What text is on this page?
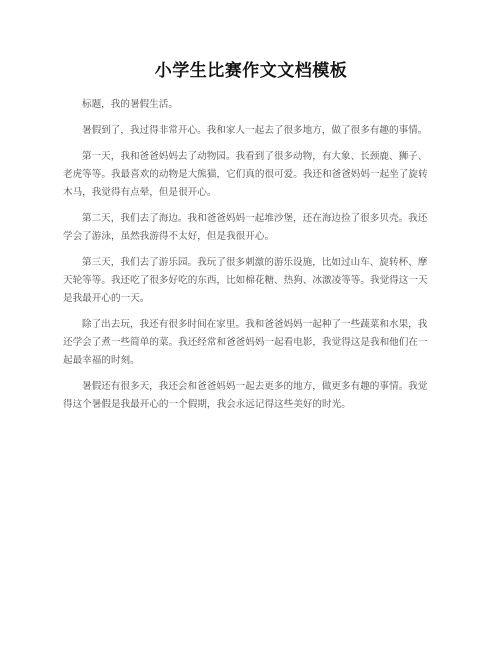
小学生比赛作文文档模板

标题，我的暑假生活。

暑假到了，我过得非常开心。我和家人一起去了很多地方，做了很多有趣的事情。

第一天，我和爸爸妈妈去了动物园。我看到了很多动物，有大象、长颈鹿、狮子、老虎等等。我最喜欢的动物是大熊猫，它们真的很可爱。我还和爸爸妈妈一起坐了旋转木马，我觉得有点晕，但是很开心。

第二天，我们去了海边。我和爸爸妈妈一起堆沙堡，还在海边捡了很多贝壳。我还学会了游泳，虽然我游得不太好，但是我很开心。

第三天，我们去了游乐园。我玩了很多刺激的游乐设施，比如过山车、旋转杯、摩天轮等等。我还吃了很多好吃的东西，比如棉花糖、热狗、冰激凌等等。我觉得这一天是我最开心的一天。

除了出去玩，我还有很多时间在家里。我和爸爸妈妈一起种了一些蔬菜和水果，我还学会了煮一些简单的菜。我还经常和爸爸妈妈一起看电影，我觉得这是我和他们在一起最幸福的时刻。

暑假还有很多天，我还会和爸爸妈妈一起去更多的地方，做更多有趣的事情。我觉得这个暑假是我最开心的一个假期，我会永远记得这些美好的时光。
